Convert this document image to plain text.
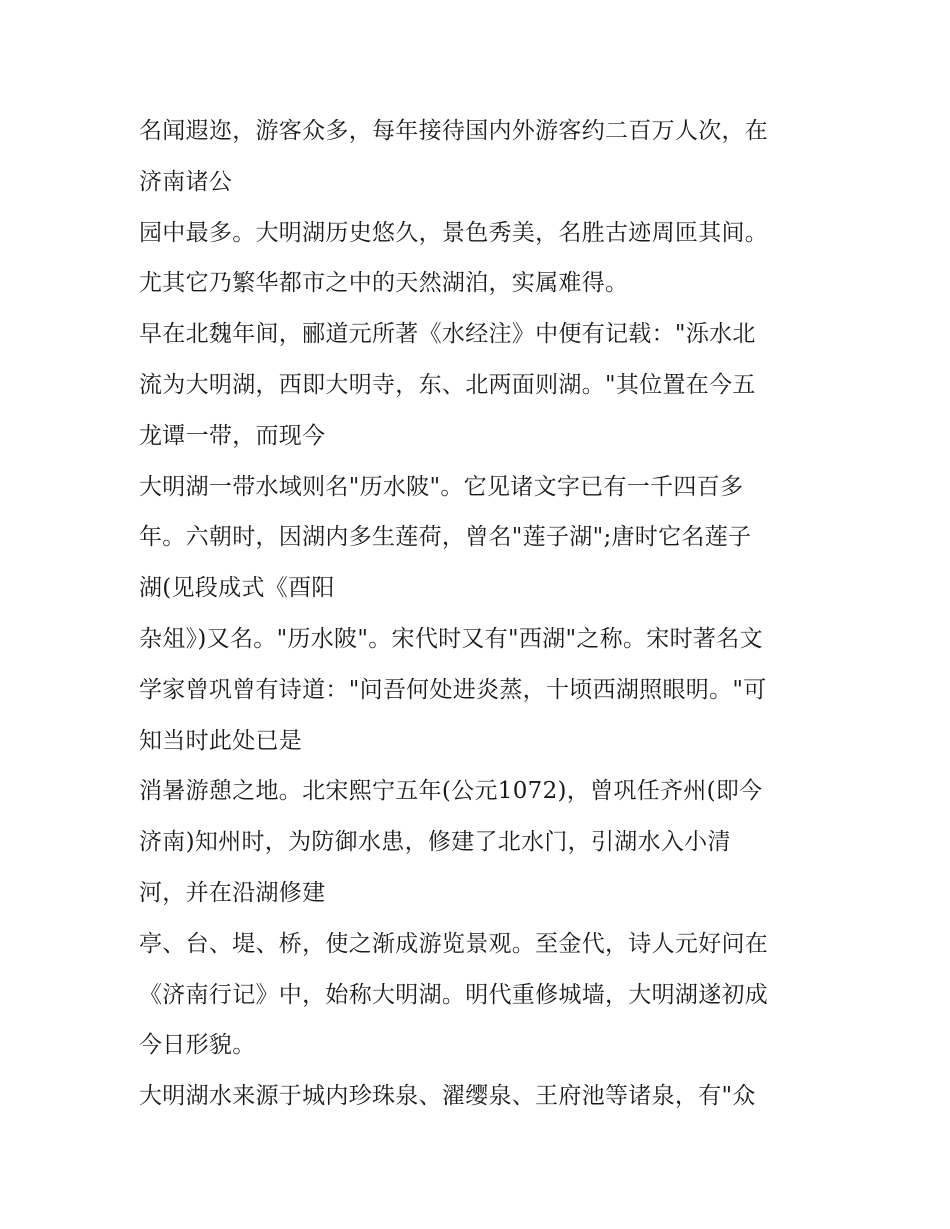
名闻遐迩，游客众多，每年接待国内外游客约二百万人次，在
济南诸公
园中最多。大明湖历史悠久，景色秀美，名胜古迹周匝其间。
尤其它乃繁华都市之中的天然湖泊，实属难得。
早在北魏年间，郦道元所著《水经注》中便有记载："泺水北
流为大明湖，西即大明寺，东、北两面则湖。"其位置在今五
龙谭一带，而现今
大明湖一带水域则名"历水陂"。它见诸文字已有一千四百多
年。六朝时，因湖内多生莲荷，曾名"莲子湖";唐时它名莲子
湖(见段成式《酉阳
杂俎》)又名。"历水陂"。宋代时又有"西湖"之称。宋时著名文
学家曾巩曾有诗道："问吾何处进炎蒸，十顷西湖照眼明。"可
知当时此处已是
消暑游憩之地。北宋熙宁五年(公元1072)，曾巩任齐州(即今
济南)知州时，为防御水患，修建了北水门，引湖水入小清
河，并在沿湖修建
亭、台、堤、桥，使之渐成游览景观。至金代，诗人元好问在
《济南行记》中，始称大明湖。明代重修城墙，大明湖遂初成
今日形貌。
大明湖水来源于城内珍珠泉、濯缨泉、王府池等诸泉，有"众
